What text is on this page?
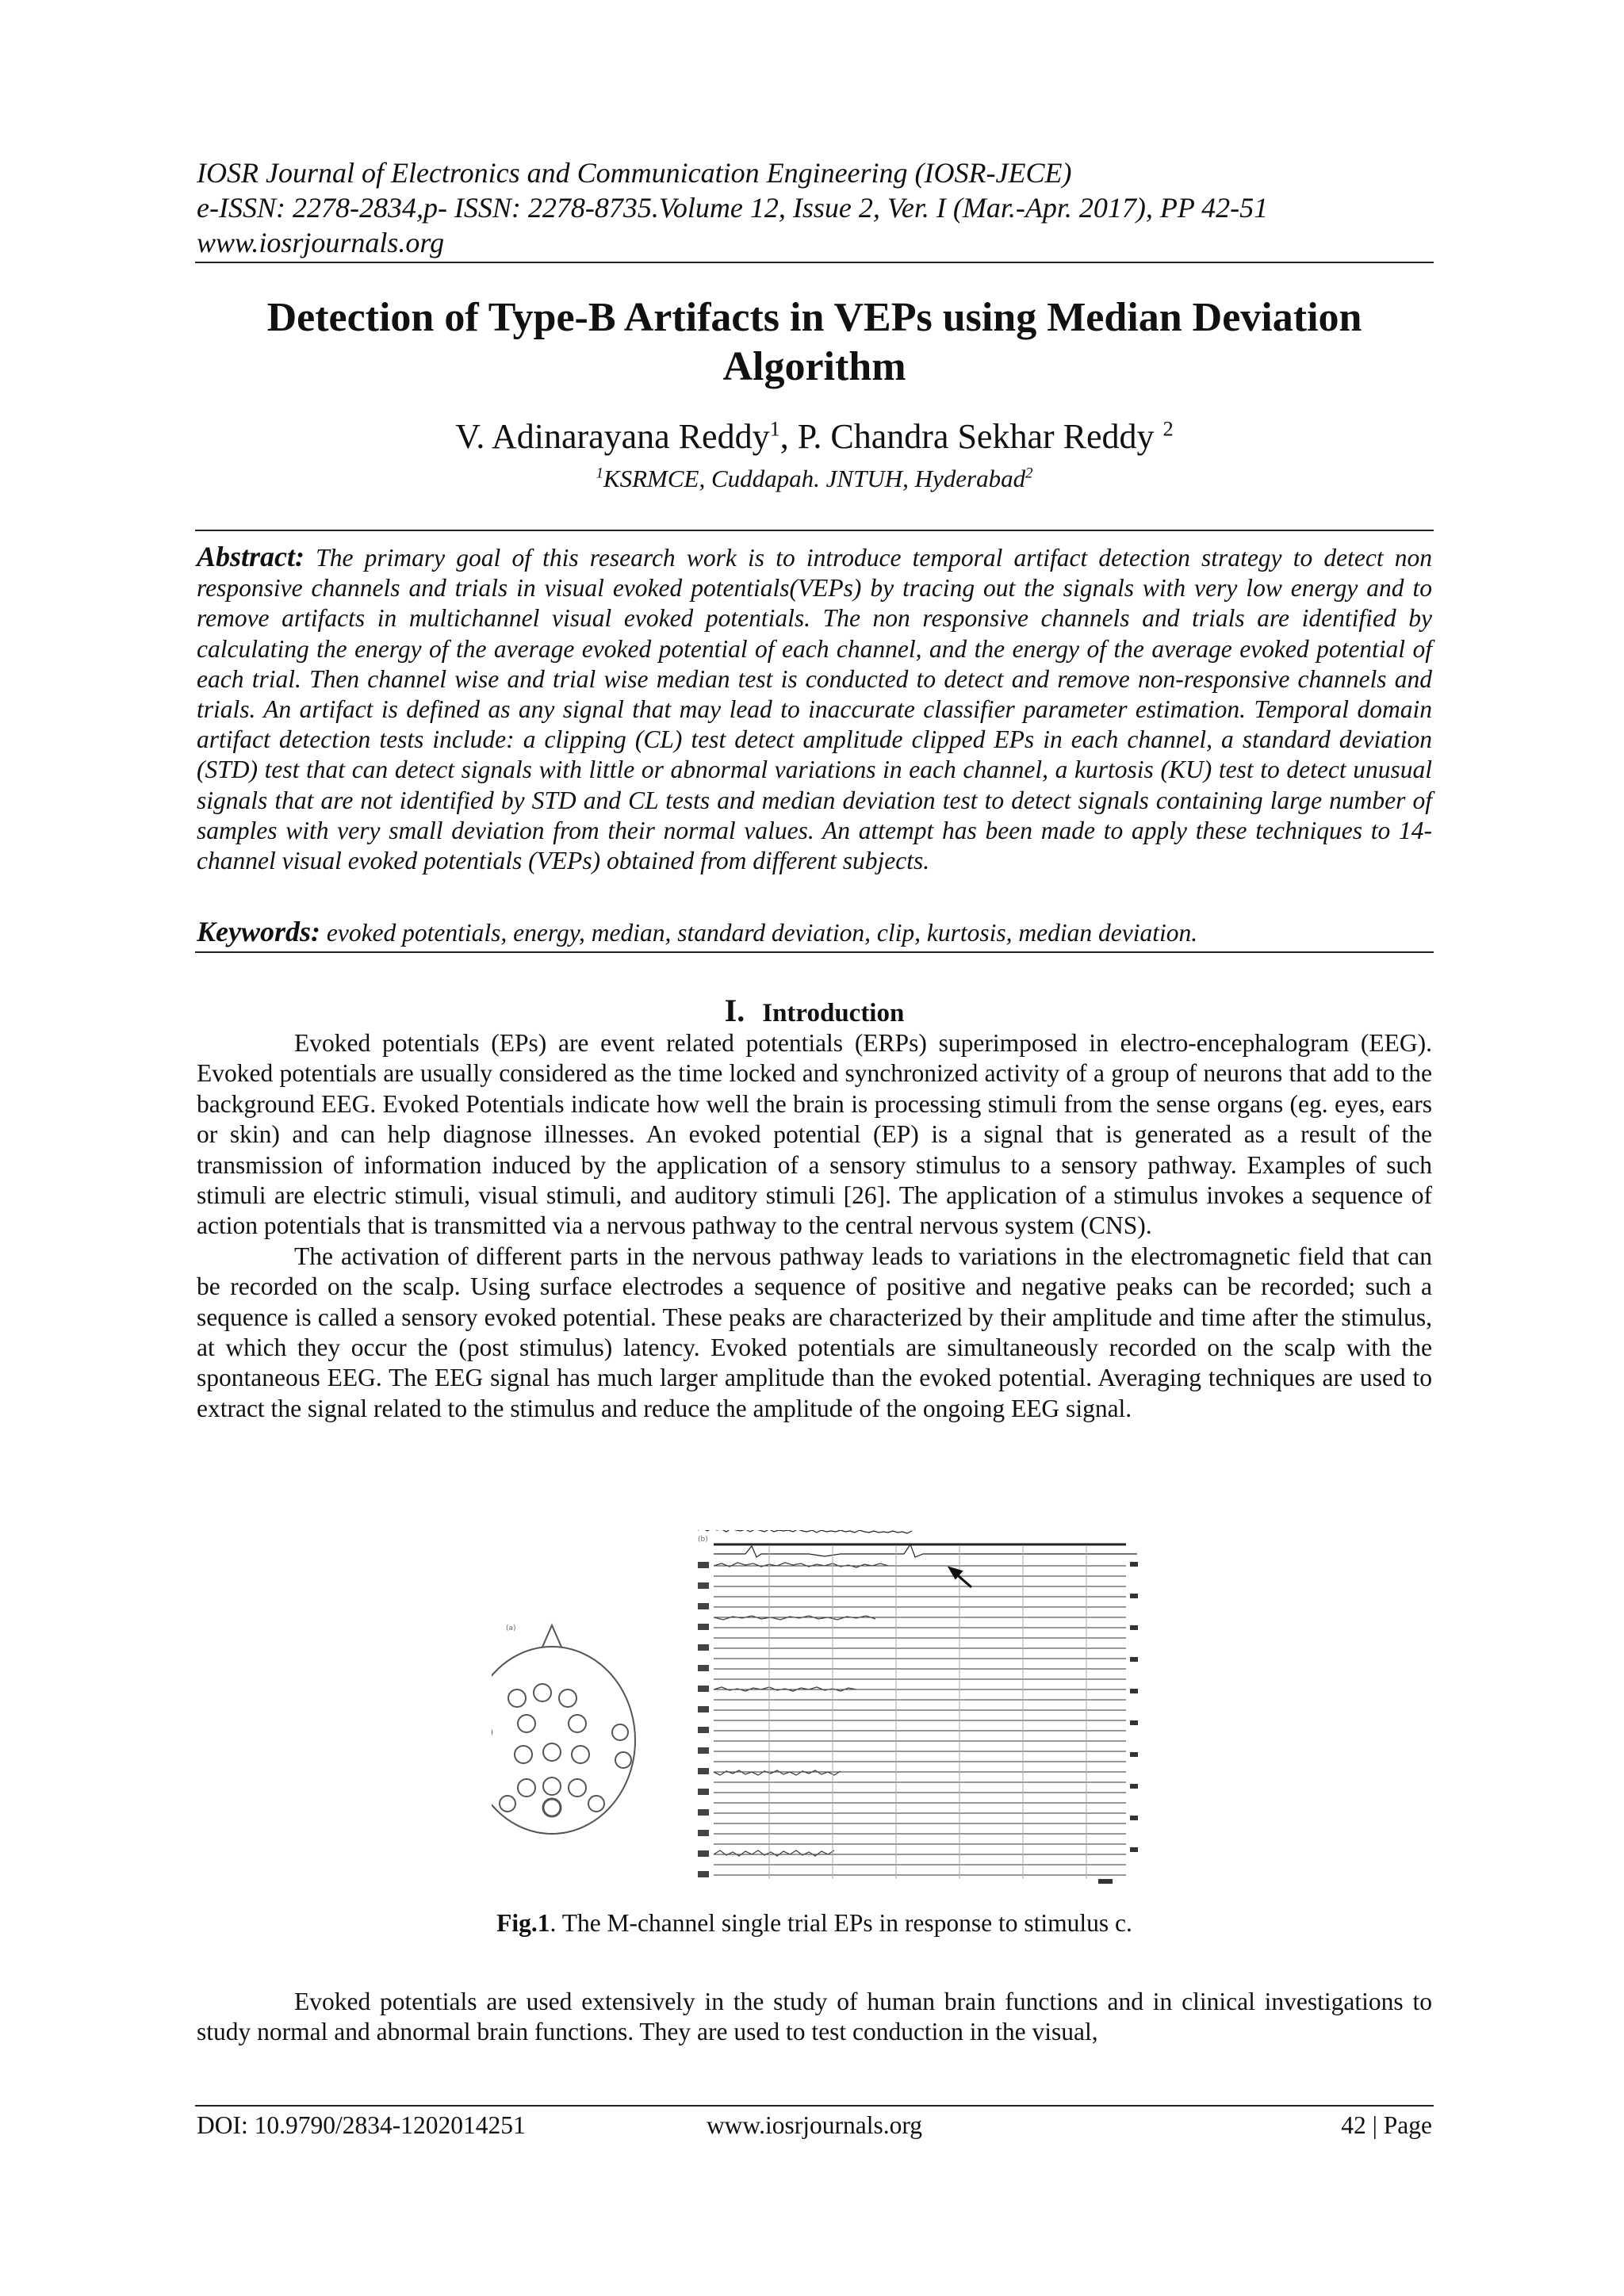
IOSR Journal of Electronics and Communication Engineering (IOSR-JECE)
e-ISSN: 2278-2834,p- ISSN: 2278-8735.Volume 12, Issue 2, Ver. I (Mar.-Apr. 2017), PP 42-51
www.iosrjournals.org
Detection of Type-B Artifacts in VEPs using Median Deviation
Algorithm
V. Adinarayana Reddy$^1$, P. Chandra Sekhar Reddy $^2$
$^1$KSRMCE, Cuddapah. JNTUH, Hyderabad$^2$
Abstract: The primary goal of this research work is to introduce temporal artifact detection strategy to detect non responsive channels and trials in visual evoked potentials(VEPs) by tracing out the signals with very low energy and to remove artifacts in multichannel visual evoked potentials. The non responsive channels and trials are identified by calculating the energy of the average evoked potential of each channel, and the energy of the average evoked potential of each trial. Then channel wise and trial wise median test is conducted to detect and remove non-responsive channels and trials. An artifact is defined as any signal that may lead to inaccurate classifier parameter estimation. Temporal domain artifact detection tests include: a clipping (CL) test detect amplitude clipped EPs in each channel, a standard deviation (STD) test that can detect signals with little or abnormal variations in each channel, a kurtosis (KU) test to detect unusual signals that are not identified by STD and CL tests and median deviation test to detect signals containing large number of samples with very small deviation from their normal values. An attempt has been made to apply these techniques to 14-channel visual evoked potentials (VEPs) obtained from different subjects.
Keywords: evoked potentials, energy, median, standard deviation, clip, kurtosis, median deviation.
I. Introduction

Evoked potentials (EPs) are event related potentials (ERPs) superimposed in electro-encephalogram (EEG). Evoked potentials are usually considered as the time locked and synchronized activity of a group of neurons that add to the background EEG. Evoked Potentials indicate how well the brain is processing stimuli from the sense organs (eg. eyes, ears or skin) and can help diagnose illnesses. An evoked potential (EP) is a signal that is generated as a result of the transmission of information induced by the application of a sensory stimulus to a sensory pathway. Examples of such stimuli are electric stimuli, visual stimuli, and auditory stimuli [26]. The application of a stimulus invokes a sequence of action potentials that is transmitted via a nervous pathway to the central nervous system (CNS).

The activation of different parts in the nervous pathway leads to variations in the electromagnetic field that can be recorded on the scalp. Using surface electrodes a sequence of positive and negative peaks can be recorded; such a sequence is called a sensory evoked potential. These peaks are characterized by their amplitude and time after the stimulus, at which they occur the (post stimulus) latency. Evoked potentials are simultaneously recorded on the scalp with the spontaneous EEG. The EEG signal has much larger amplitude than the evoked potential. Averaging techniques are used to extract the signal related to the stimulus and reduce the amplitude of the ongoing EEG signal.

(a)
(b)
Fig.1. The M-channel single trial EPs in response to stimulus c.

Evoked potentials are used extensively in the study of human brain functions and in clinical investigations to study normal and abnormal brain functions. They are used to test conduction in the visual,

DOI: 10.9790/2834-1202014251	www.iosrjournals.org	42 | Page
